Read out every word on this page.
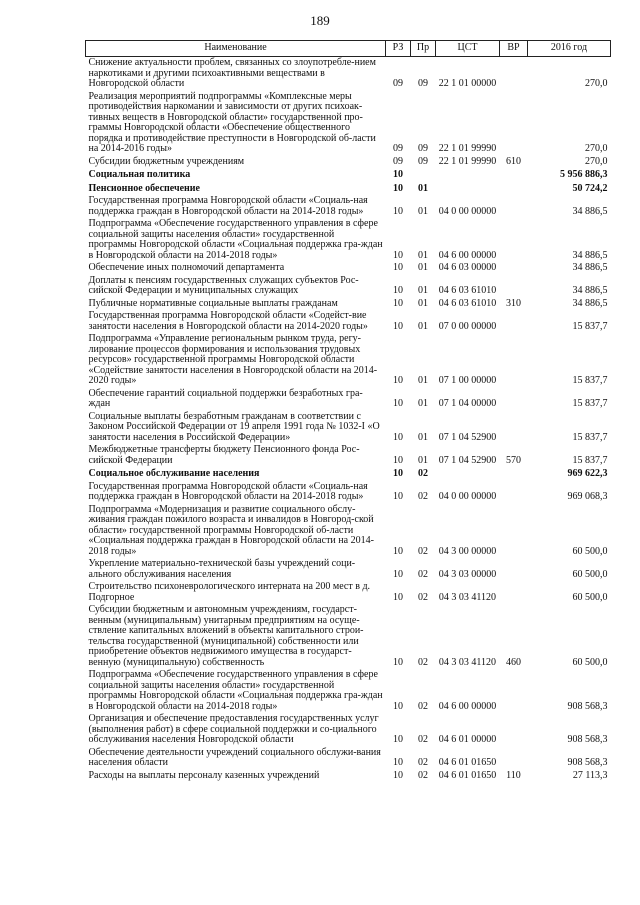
189
Наименование	РЗ	Пр	ЦСТ	ВР	2016 год
Снижение актуальности проблем, связанных со злоупотребле-нием наркотиками и другими психоактивными веществами в Новгородской области	09	09	22 1 01 00000		270,0
Реализация мероприятий подпрограммы «Комплексные меры противодействия наркомании и зависимости от других психоак-тивных веществ в Новгородской области» государственной про-граммы Новгородской области «Обеспечение общественного порядка и противодействие преступности в Новгородской об-ласти на 2014-2016 годы»	09	09	22 1 01 99990		270,0
Субсидии бюджетным учреждениям	09	09	22 1 01 99990	610	270,0
Социальная политика	10				5 956 886,3
Пенсионное обеспечение	10	01			50 724,2
Государственная программа Новгородской области «Социаль-ная поддержка граждан в Новгородской области на 2014-2018 годы»	10	01	04 0 00 00000		34 886,5
Подпрограмма «Обеспечение государственного управления в сфере социальной защиты населения области» государственной программы Новгородской области «Социальная поддержка гра-ждан в Новгородской области на 2014-2018 годы»	10	01	04 6 00 00000		34 886,5
Обеспечение иных полномочий департамента	10	01	04 6 03 00000		34 886,5
Доплаты к пенсиям государственных служащих субъектов Рос-сийской Федерации и муниципальных служащих	10	01	04 6 03 61010		34 886,5
Публичные нормативные социальные выплаты гражданам	10	01	04 6 03 61010	310	34 886,5
Государственная программа Новгородской области «Содейст-вие занятости населения в Новгородской области на 2014-2020 годы»	10	01	07 0 00 00000		15 837,7
Подпрограмма «Управление региональным рынком труда, регу-лирование процессов формирования и использования трудовых ресурсов» государственной программы Новгородской области «Содействие занятости населения в Новгородской области на 2014-2020 годы»	10	01	07 1 00 00000		15 837,7
Обеспечение гарантий социальной поддержки безработных гра-ждан	10	01	07 1 04 00000		15 837,7
Социальные выплаты безработным гражданам в соответствии с Законом Российской Федерации от 19 апреля 1991 года № 1032-I «О занятости населения в Российской Федерации»	10	01	07 1 04 52900		15 837,7
Межбюджетные трансферты бюджету Пенсионного фонда Рос-сийской Федерации	10	01	07 1 04 52900	570	15 837,7
Социальное обслуживание населения	10	02			969 622,3
Государственная программа Новгородской области «Социаль-ная поддержка граждан в Новгородской области на 2014-2018 годы»	10	02	04 0 00 00000		969 068,3
Подпрограмма «Модернизация и развитие социального обслу-живания граждан пожилого возраста и инвалидов в Новгород-ской области» государственной программы Новгородской об-ласти «Социальная поддержка граждан в Новгородской области на 2014-2018 годы»	10	02	04 3 00 00000		60 500,0
Укрепление материально-технической базы учреждений соци-ального обслуживания населения	10	02	04 3 03 00000		60 500,0
Строительство психоневрологического интерната на 200 мест в д. Подгорное	10	02	04 3 03 41120		60 500,0
Субсидии бюджетным и автономным учреждениям, государст-венным (муниципальным) унитарным предприятиям на осуще-ствление капитальных вложений в объекты капитального строи-тельства государственной (муниципальной) собственности или приобретение объектов недвижимого имущества в государст-венную (муниципальную) собственность	10	02	04 3 03 41120	460	60 500,0
Подпрограмма «Обеспечение государственного управления в сфере социальной защиты населения области» государственной программы Новгородской области «Социальная поддержка гра-ждан в Новгородской области на 2014-2018 годы»	10	02	04 6 00 00000		908 568,3
Организация и обеспечение предоставления государственных услуг (выполнения работ) в сфере социальной поддержки и со-циального обслуживания населения Новгородской области	10	02	04 6 01 00000		908 568,3
Обеспечение деятельности учреждений социального обслужи-вания населения области	10	02	04 6 01 01650		908 568,3
Расходы на выплаты персоналу казенных учреждений	10	02	04 6 01 01650	110	27 113,3
